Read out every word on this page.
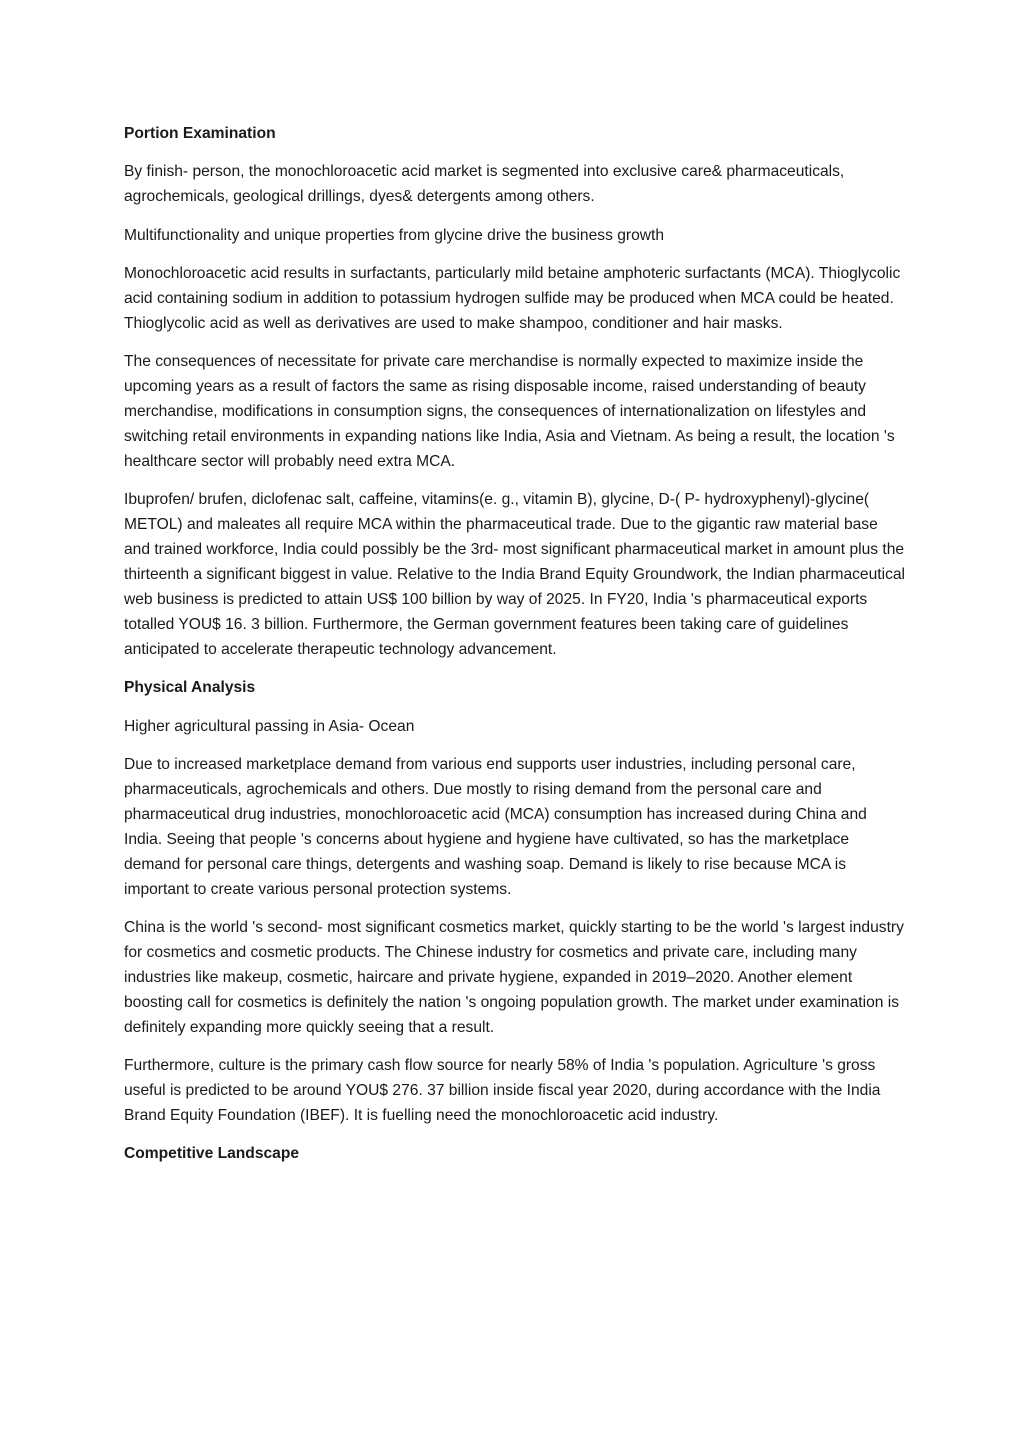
Portion Examination

By finish- person, the monochloroacetic acid market is segmented into exclusive care& pharmaceuticals, agrochemicals, geological drillings, dyes& detergents among others.

Multifunctionality and unique properties from glycine drive the business growth

Monochloroacetic acid results in surfactants, particularly mild betaine amphoteric surfactants (MCA). Thioglycolic acid containing sodium in addition to potassium hydrogen sulfide may be produced when MCA could be heated. Thioglycolic acid as well as derivatives are used to make shampoo, conditioner and hair masks.

The consequences of necessitate for private care merchandise is normally expected to maximize inside the upcoming years as a result of factors the same as rising disposable income, raised understanding of beauty merchandise, modifications in consumption signs, the consequences of internationalization on lifestyles and switching retail environments in expanding nations like India, Asia and Vietnam. As being a result, the location 's healthcare sector will probably need extra MCA.

Ibuprofen/ brufen, diclofenac salt, caffeine, vitamins(e. g., vitamin B), glycine, D-( P- hydroxyphenyl)-glycine( METOL) and maleates all require MCA within the pharmaceutical trade. Due to the gigantic raw material base and trained workforce, India could possibly be the 3rd- most significant pharmaceutical market in amount plus the thirteenth a significant biggest in value. Relative to the India Brand Equity Groundwork, the Indian pharmaceutical web business is predicted to attain US$ 100 billion by way of 2025. In FY20, India 's pharmaceutical exports totalled YOU$ 16. 3 billion. Furthermore, the German government features been taking care of guidelines anticipated to accelerate therapeutic technology advancement.

Physical Analysis

Higher agricultural passing in Asia- Ocean

Due to increased marketplace demand from various end supports user industries, including personal care, pharmaceuticals, agrochemicals and others. Due mostly to rising demand from the personal care and pharmaceutical drug industries, monochloroacetic acid (MCA) consumption has increased during China and India. Seeing that people 's concerns about hygiene and hygiene have cultivated, so has the marketplace demand for personal care things, detergents and washing soap. Demand is likely to rise because MCA is important to create various personal protection systems.

China is the world 's second- most significant cosmetics market, quickly starting to be the world 's largest industry for cosmetics and cosmetic products. The Chinese industry for cosmetics and private care, including many industries like makeup, cosmetic, haircare and private hygiene, expanded in 2019–2020. Another element boosting call for cosmetics is definitely the nation 's ongoing population growth. The market under examination is definitely expanding more quickly seeing that a result.

Furthermore, culture is the primary cash flow source for nearly 58% of India 's population. Agriculture 's gross useful is predicted to be around YOU$ 276. 37 billion inside fiscal year 2020, during accordance with the India Brand Equity Foundation (IBEF). It is fuelling need the monochloroacetic acid industry.

Competitive Landscape
